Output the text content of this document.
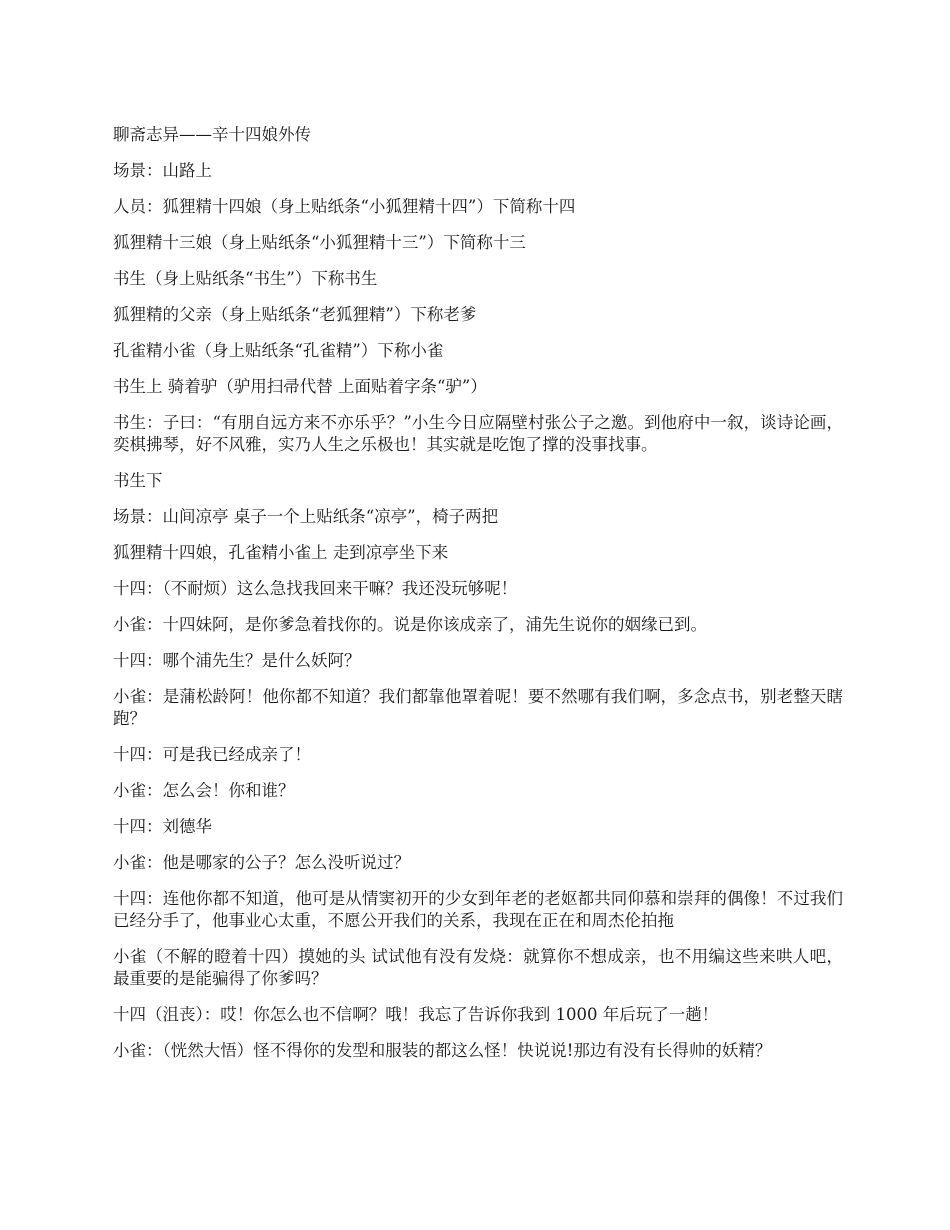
聊斋志异——辛十四娘外传

场景：山路上

人员：狐狸精十四娘（身上贴纸条“小狐狸精十四”）下简称十四

狐狸精十三娘（身上贴纸条“小狐狸精十三”）下简称十三

书生（身上贴纸条“书生”）下称书生

狐狸精的父亲（身上贴纸条“老狐狸精”）下称老爹

孔雀精小雀（身上贴纸条“孔雀精”）下称小雀

书生上 骑着驴（驴用扫帚代替 上面贴着字条“驴”）

书生：子曰：“有朋自远方来不亦乐乎？”小生今日应隔壁村张公子之邀。到他府中一叙，谈诗论画，奕棋拂琴，好不风雅，实乃人生之乐极也！其实就是吃饱了撑的没事找事。

书生下

场景：山间凉亭 桌子一个上贴纸条“凉亭”，椅子两把

狐狸精十四娘，孔雀精小雀上 走到凉亭坐下来

十四：（不耐烦）这么急找我回来干嘛？我还没玩够呢！

小雀：十四妹阿，是你爹急着找你的。说是你该成亲了，浦先生说你的姻缘已到。

十四：哪个浦先生？是什么妖阿？

小雀：是蒲松龄阿！他你都不知道？我们都靠他罩着呢！要不然哪有我们啊，多念点书，别老整天瞎跑？

十四：可是我已经成亲了！

小雀：怎么会！你和谁？

十四：刘德华

小雀：他是哪家的公子？怎么没听说过？

十四：连他你都不知道，他可是从情窦初开的少女到年老的老妪都共同仰慕和崇拜的偶像！不过我们已经分手了，他事业心太重，不愿公开我们的关系，我现在正在和周杰伦拍拖

小雀（不解的瞪着十四）摸她的头 试试他有没有发烧：就算你不想成亲，也不用编这些来哄人吧，最重要的是能骗得了你爹吗？

十四（沮丧）：哎！你怎么也不信啊？哦！我忘了告诉你我到 1000 年后玩了一趟！

小雀：（恍然大悟）怪不得你的发型和服装的都这么怪！快说说!那边有没有长得帅的妖精？
